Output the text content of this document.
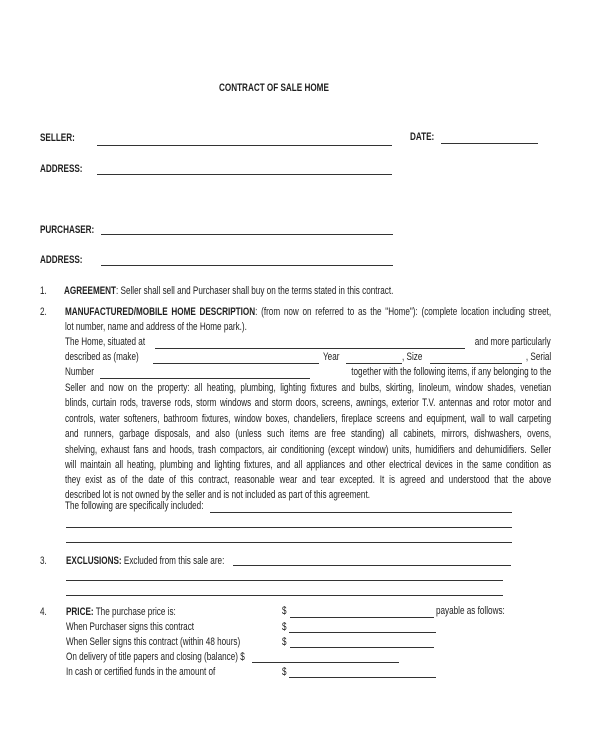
CONTRACT OF SALE HOME
SELLER:	DATE:
ADDRESS:
PURCHASER:
ADDRESS:
1. AGREEMENT: Seller shall sell and Purchaser shall buy on the terms stated in this contract.
2. MANUFACTURED/MOBILE HOME DESCRIPTION: (from now on referred to as the "Home"): (complete location including street,
lot number, name and address of the Home park.).
The Home, situated at	and more particularly
described as (make)	Year	, Size	, Serial
Number	together with the following items, if any belonging to the
Seller and now on the property: all heating, plumbing, lighting fixtures and bulbs, skirting, linoleum, window shades, venetian
blinds, curtain rods, traverse rods, storm windows and storm doors, screens, awnings, exterior T.V. antennas and rotor motor and
controls, water softeners, bathroom fixtures, window boxes, chandeliers, fireplace screens and equipment, wall to wall carpeting
and runners, garbage disposals, and also (unless such items are free standing) all cabinets, mirrors, dishwashers, ovens,
shelving, exhaust fans and hoods, trash compactors, air conditioning (except window) units, humidifiers and dehumidifiers. Seller
will maintain all heating, plumbing and lighting fixtures, and all appliances and other electrical devices in the same condition as
they exist as of the date of this contract, reasonable wear and tear excepted. It is agreed and understood that the above
described lot is not owned by the seller and is not included as part of this agreement.
The following are specifically included:
3. EXCLUSIONS: Excluded from this sale are:
4. PRICE: The purchase price is:	$	payable as follows:
When Purchaser signs this contract	$
When Seller signs this contract (within 48 hours)	$
On delivery of title papers and closing (balance) $
In cash or certified funds in the amount of	$
